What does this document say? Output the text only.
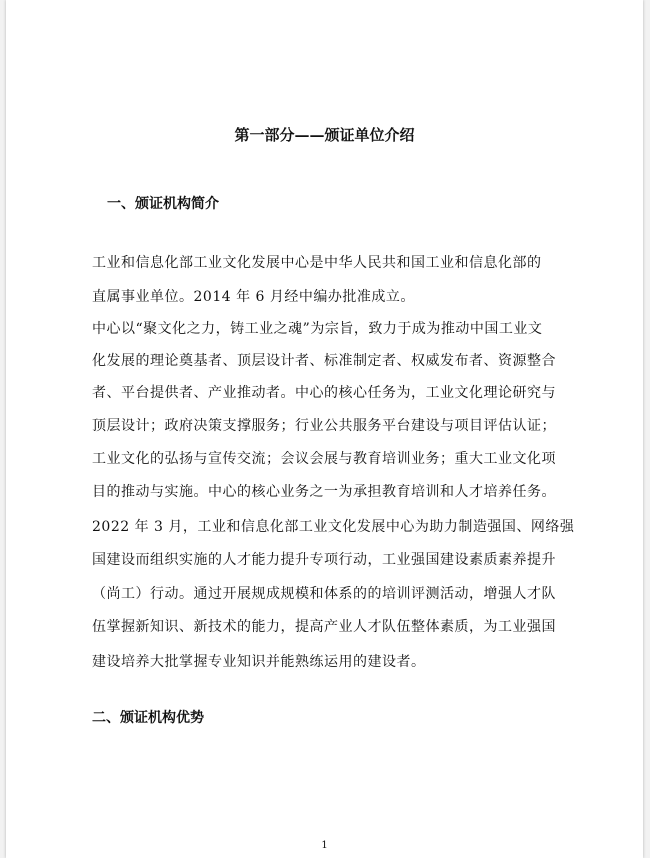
第一部分——颁证单位介绍
一、颁证机构简介
工业和信息化部工业文化发展中心是中华人民共和国工业和信息化部的
直属事业单位。2014 年 6 月经中编办批准成立。
中心以“聚文化之力，铸工业之魂”为宗旨，致力于成为推动中国工业文
化发展的理论奠基者、顶层设计者、标准制定者、权威发布者、资源整合
者、平台提供者、产业推动者。中心的核心任务为，工业文化理论研究与
顶层设计；政府决策支撑服务；行业公共服务平台建设与项目评估认证；
工业文化的弘扬与宣传交流；会议会展与教育培训业务；重大工业文化项
目的推动与实施。中心的核心业务之一为承担教育培训和人才培养任务。
2022 年 3 月，工业和信息化部工业文化发展中心为助力制造强国、网络强
国建设而组织实施的人才能力提升专项行动，工业强国建设素质素养提升
（尚工）行动。通过开展规成规模和体系的的培训评测活动，增强人才队
伍掌握新知识、新技术的能力，提高产业人才队伍整体素质，为工业强国
建设培养大批掌握专业知识并能熟练运用的建设者。
二、颁证机构优势
1
